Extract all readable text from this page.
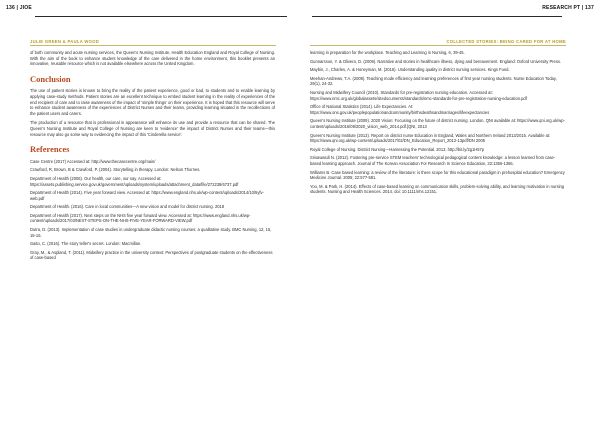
136 | JIOE	RESEARCH PT | 137
JULIE GREEN & PAULA WOOD	COLLECTED STORIES: BEING CARED FOR AT HOME

of both community and acute nursing services, the Queen's Nursing Institute, Health Education England and Royal College of Nursing. With the aim of the book to enhance student knowledge of the care delivered in the home environment, this booklet presents an innovative, reusable resource which is not available elsewhere across the United Kingdom.

Conclusion

The use of patient stories is known to bring the reality of the patient experience, good or bad, to students and to enable learning by applying case-study methods. Patient stories are an excellent technique to embed student learning in the reality of experiences of the end recipient of care and to raise awareness of the impact of 'simple things' on their experience. It is hoped that this resource will serve to enhance student awareness of the experiences of District Nurses and their teams, providing learning situated in the recollections of the patient users and carers.

The production of a resource that is professional in appearance will enhance its use and provide a resource that can be shared. The Queen's Nursing Institute and Royal College of Nursing are keen to 'evidence' the impact of District Nurses and their teams—this resource may also go some way to evidencing the impact of this 'Cinderella service'.

References
Case Centre (2017) Accessed at: http://www.thecasecentre.org/main/
Crawford, R, Brown, B & Crawford, P. (2004). Storytelling in therapy. London: Nelson Thornes.
Department of Health (2006). Our health, our care, our say. Accessed at: https://assets.publishing.service.gov.uk/government/uploads/system/uploads/attachment_data/file/272238/6737.pdf
Department of Health (2014). Five year forward view. Accessed at: https://www.england.nhs.uk/wp-content/uploads/2014/10/5yfv-web.pdf
Department of Health. (2016). Care in local communities—A new vision and model for district nursing. 2018
Department of Health (2017). Next steps on the NHS five year forward view. Accessed at: https://www.england.nhs.uk/wp-content/uploads/2017/03/NEXT-STEPS-ON-THE-NHS-FIVE-YEAR-FORWARD-VIEW.pdf
Dutra, D. (2013). Implementation of case studies in undergraduate didactic nursing courses: a qualitative study. BMC Nursing, 12, 15, 15-15.
Gaito, C. (2016). The story teller's secret. London: Macmillan.
Gray, M., & Aspland, T. (2011). Midwifery practice in the university context: Perspectives of postgraduate students on the effectiveness of case-based
learning in preparation for the workplace. Teaching and Learning in Nursing, 6, 39-45.
Gunnarsson, Y. & Olivera, D. (2009). Narrative and stories in healthcare illness, dying and bereavement. England: Oxford University Press.
Maybin, J., Charles, A. & Honeyman, M. (2016). Understanding quality in district nursing services. Kings Fund.
Meehan-Andrews, T.A. (2009). Teaching mode efficiency and learning preferences of first year nursing students. Nurse Education Today, 29(1), 24-32.
Nursing and Midwifery Council (2010). Standards for pre-registration nursing education. Accessed at: https://www.nmc.org.uk/globalassets/sitedocuments/standards/nmc-standards-for-pre-registration-nursing-education.pdf
Office of National Statistics (2014). Life Expectancies. At: https://www.ons.gov.uk/peoplepopulationandcommunity/birthsdeathsandmarriages/lifeexpectancies
Queen's Nursing Institute (2009). 2020 Vision: Focusing on the future of district nursing. London, QNI available at: https://www.qni.org.uk/wp-content/uploads/2016/09/2020_vision_web_2014.pdf.[QNI, 2013
Queen's Nursing Institute (2013). Report on district nurse Education in England, Wales and Northern Ireland 2013/2015. Available at: https://www.qni.org.uk/wp-content/uploads/2017/02/DN_Education_Report_2012-13pdf/DN 2006
Royal College of Nursing. District Nursing—Harnessing the Potential. 2013. http://bit.ly/2g1H57p
Srisawasdi N. (2012). Fostering pre-service STEM teachers' technological pedagogical content knowledge: a lesson learned from case-based learning approach. Journal of The Korean Association For Research In Science Education, 32:1356-1366.
Williams B. Case based learning: a review of the literature: is there scope for this educational paradigm in prehospital education? Emergency Medicine Journal. 2005; 22:577-581.
Yoo, M. & Park, H. (2014). Effects of case-based learning on communication skills, problem-solving ability, and learning motivation in nursing students. Nursing and Health Sciences. 2014. doi: 10.1111/nhs.12151.
